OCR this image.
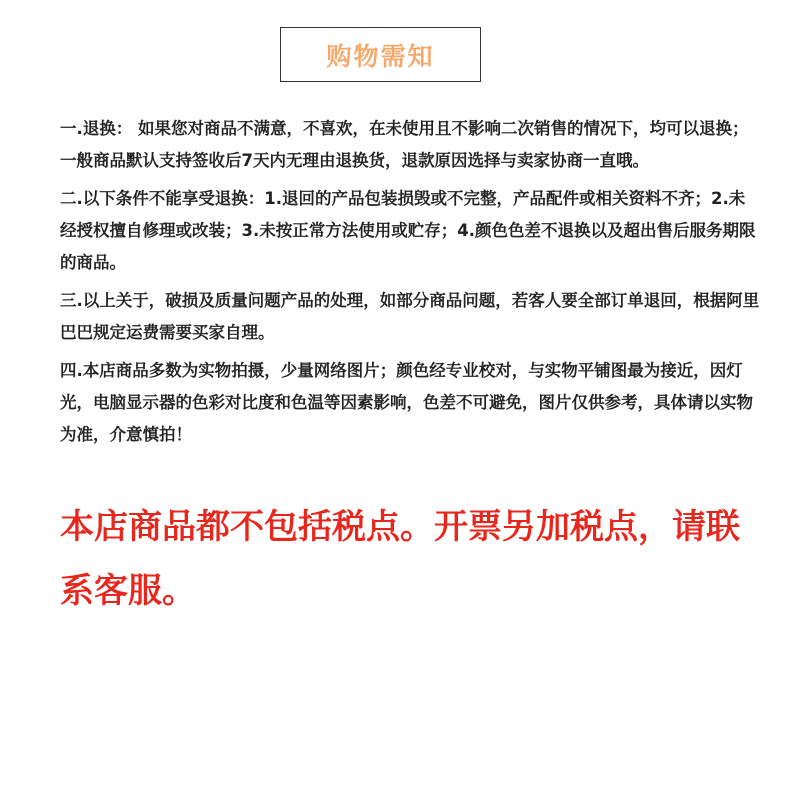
购物需知

一.退换： 如果您对商品不满意，不喜欢，在未使用且不影响二次销售的情况下，均可以退换；一般商品默认支持签收后7天内无理由退换货，退款原因选择与卖家协商一直哦。

二.以下条件不能享受退换：1.退回的产品包装损毁或不完整，产品配件或相关资料不齐；2.未经授权擅自修理或改装；3.未按正常方法使用或贮存；4.颜色色差不退换以及超出售后服务期限的商品。

三.以上关于，破损及质量问题产品的处理，如部分商品问题，若客人要全部订单退回，根据阿里巴巴规定运费需要买家自理。

四.本店商品多数为实物拍摄，少量网络图片；颜色经专业校对，与实物平铺图最为接近，因灯光，电脑显示器的色彩对比度和色温等因素影响，色差不可避免，图片仅供参考，具体请以实物为准，介意慎拍！

本店商品都不包括税点。开票另加税点，请联系客服。
